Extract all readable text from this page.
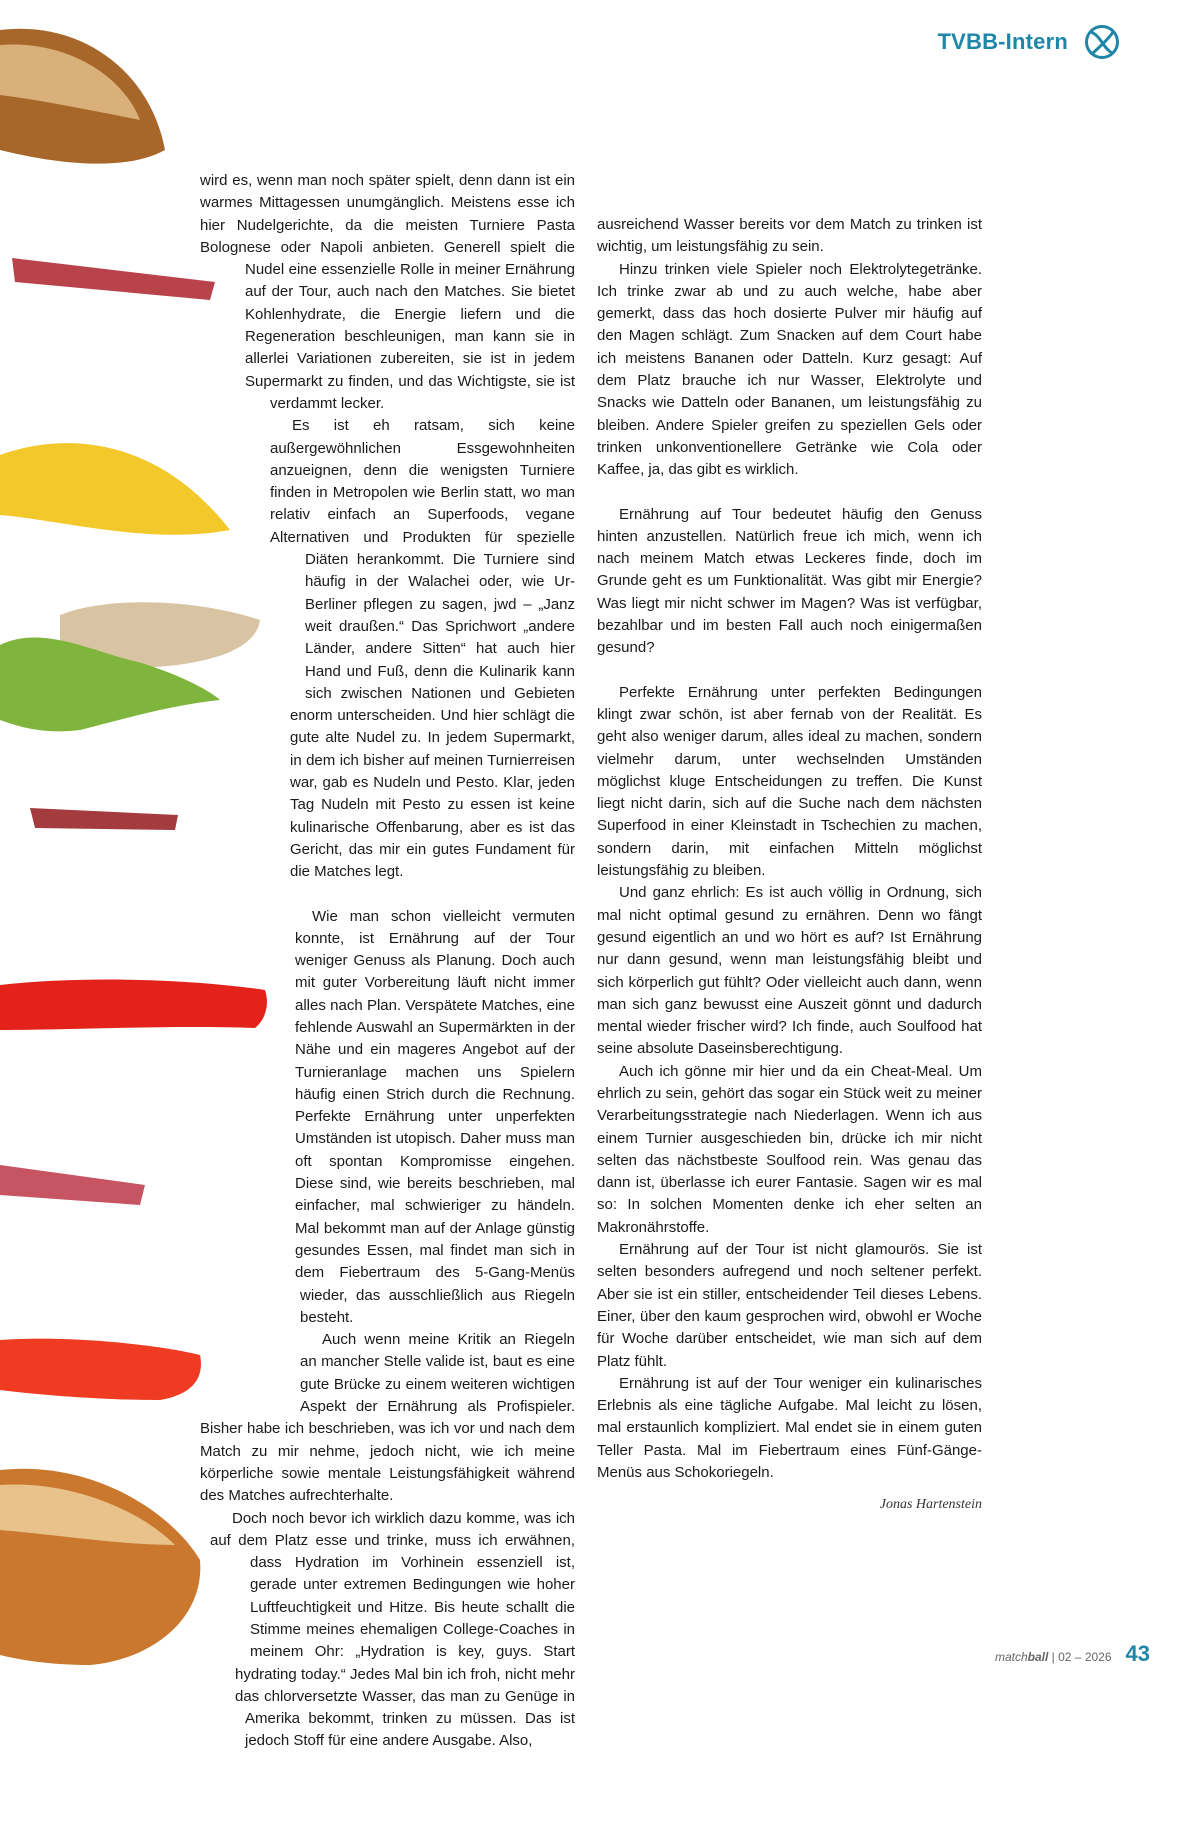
TVBB-Intern

wird es, wenn man noch später spielt, denn dann ist ein warmes Mittagessen unumgänglich. Meistens esse ich hier Nudelgerichte, da die meisten Turniere Pasta Bolognese oder Napoli anbieten. Generell spielt die Nudel eine essenzielle Rolle in meiner Ernährung auf der Tour, auch nach den Matches. Sie bietet Kohlenhydrate, die Energie liefern und die Regeneration beschleunigen, man kann sie in allerlei Variationen zubereiten, sie ist in jedem Supermarkt zu finden, und das Wichtigste, sie ist verdammt lecker.

Es ist eh ratsam, sich keine außergewöhnlichen Essgewohnheiten anzueignen, denn die wenigsten Turniere finden in Metropolen wie Berlin statt, wo man relativ einfach an Superfoods, vegane Alternativen und Produkten für spezielle Diäten herankommt. Die Turniere sind häufig in der Walachei oder, wie Ur-Berliner pflegen zu sagen, jwd – „Janz weit draußen.“ Das Sprichwort „andere Länder, andere Sitten“ hat auch hier Hand und Fuß, denn die Kulinarik kann sich zwischen Nationen und Gebieten enorm unterscheiden. Und hier schlägt die gute alte Nudel zu. In jedem Supermarkt, in dem ich bisher auf meinen Turnierreisen war, gab es Nudeln und Pesto. Klar, jeden Tag Nudeln mit Pesto zu essen ist keine kulinarische Offenbarung, aber es ist das Gericht, das mir ein gutes Fundament für die Matches legt.

Wie man schon vielleicht vermuten konnte, ist Ernährung auf der Tour weniger Genuss als Planung. Doch auch mit guter Vorbereitung läuft nicht immer alles nach Plan. Verspätete Matches, eine fehlende Auswahl an Supermärkten in der Nähe und ein mageres Angebot auf der Turnieranlage machen uns Spielern häufig einen Strich durch die Rechnung. Perfekte Ernährung unter unperfekten Umständen ist utopisch. Daher muss man oft spontan Kompromisse eingehen. Diese sind, wie bereits beschrieben, mal einfacher, mal schwieriger zu händeln. Mal bekommt man auf der Anlage günstig gesundes Essen, mal findet man sich in dem Fiebertraum des 5-Gang-Menüs wieder, das ausschließlich aus Riegeln besteht.

Auch wenn meine Kritik an Riegeln an mancher Stelle valide ist, baut es eine gute Brücke zu einem weiteren wichtigen Aspekt der Ernährung als Profispieler. Bisher habe ich beschrieben, was ich vor und nach dem Match zu mir nehme, jedoch nicht, wie ich meine körperliche sowie mentale Leistungsfähigkeit während des Matches aufrechterhalte.

Doch noch bevor ich wirklich dazu komme, was ich auf dem Platz esse und trinke, muss ich erwähnen, dass Hydration im Vorhinein essenziell ist, gerade unter extremen Bedingungen wie hoher Luftfeuchtigkeit und Hitze. Bis heute schallt die Stimme meines ehemaligen College-Coaches in meinem Ohr: „Hydration is key, guys. Start hydrating today.“ Jedes Mal bin ich froh, nicht mehr das chlorversetzte Wasser, das man zu Genüge in Amerika bekommt, trinken zu müssen. Das ist jedoch Stoff für eine andere Ausgabe. Also,

ausreichend Wasser bereits vor dem Match zu trinken ist wichtig, um leistungsfähig zu sein.

Hinzu trinken viele Spieler noch Elektrolytegetränke. Ich trinke zwar ab und zu auch welche, habe aber gemerkt, dass das hoch dosierte Pulver mir häufig auf den Magen schlägt. Zum Snacken auf dem Court habe ich meistens Bananen oder Datteln. Kurz gesagt: Auf dem Platz brauche ich nur Wasser, Elektrolyte und Snacks wie Datteln oder Bananen, um leistungsfähig zu bleiben. Andere Spieler greifen zu speziellen Gels oder trinken unkonventionellere Getränke wie Cola oder Kaffee, ja, das gibt es wirklich.

Ernährung auf Tour bedeutet häufig den Genuss hinten anzustellen. Natürlich freue ich mich, wenn ich nach meinem Match etwas Leckeres finde, doch im Grunde geht es um Funktionalität. Was gibt mir Energie? Was liegt mir nicht schwer im Magen? Was ist verfügbar, bezahlbar und im besten Fall auch noch einigermaßen gesund?

Perfekte Ernährung unter perfekten Bedingungen klingt zwar schön, ist aber fernab von der Realität. Es geht also weniger darum, alles ideal zu machen, sondern vielmehr darum, unter wechselnden Umständen möglichst kluge Entscheidungen zu treffen. Die Kunst liegt nicht darin, sich auf die Suche nach dem nächsten Superfood in einer Kleinstadt in Tschechien zu machen, sondern darin, mit einfachen Mitteln möglichst leistungsfähig zu bleiben.

Und ganz ehrlich: Es ist auch völlig in Ordnung, sich mal nicht optimal gesund zu ernähren. Denn wo fängt gesund eigentlich an und wo hört es auf? Ist Ernährung nur dann gesund, wenn man leistungsfähig bleibt und sich körperlich gut fühlt? Oder vielleicht auch dann, wenn man sich ganz bewusst eine Auszeit gönnt und dadurch mental wieder frischer wird? Ich finde, auch Soulfood hat seine absolute Daseinsberechtigung.

Auch ich gönne mir hier und da ein Cheat-Meal. Um ehrlich zu sein, gehört das sogar ein Stück weit zu meiner Verarbeitungsstrategie nach Niederlagen. Wenn ich aus einem Turnier ausgeschieden bin, drücke ich mir nicht selten das nächstbeste Soulfood rein. Was genau das dann ist, überlasse ich eurer Fantasie. Sagen wir es mal so: In solchen Momenten denke ich eher selten an Makronährstoffe.

Ernährung auf der Tour ist nicht glamourös. Sie ist selten besonders aufregend und noch seltener perfekt. Aber sie ist ein stiller, entscheidender Teil dieses Lebens. Einer, über den kaum gesprochen wird, obwohl er Woche für Woche darüber entscheidet, wie man sich auf dem Platz fühlt.

Ernährung ist auf der Tour weniger ein kulinarisches Erlebnis als eine tägliche Aufgabe. Mal leicht zu lösen, mal erstaunlich kompliziert. Mal endet sie in einem guten Teller Pasta. Mal im Fiebertraum eines Fünf-Gänge-Menüs aus Schokoriegeln.

Jonas Hartenstein
matchball | 02 – 2026 43
